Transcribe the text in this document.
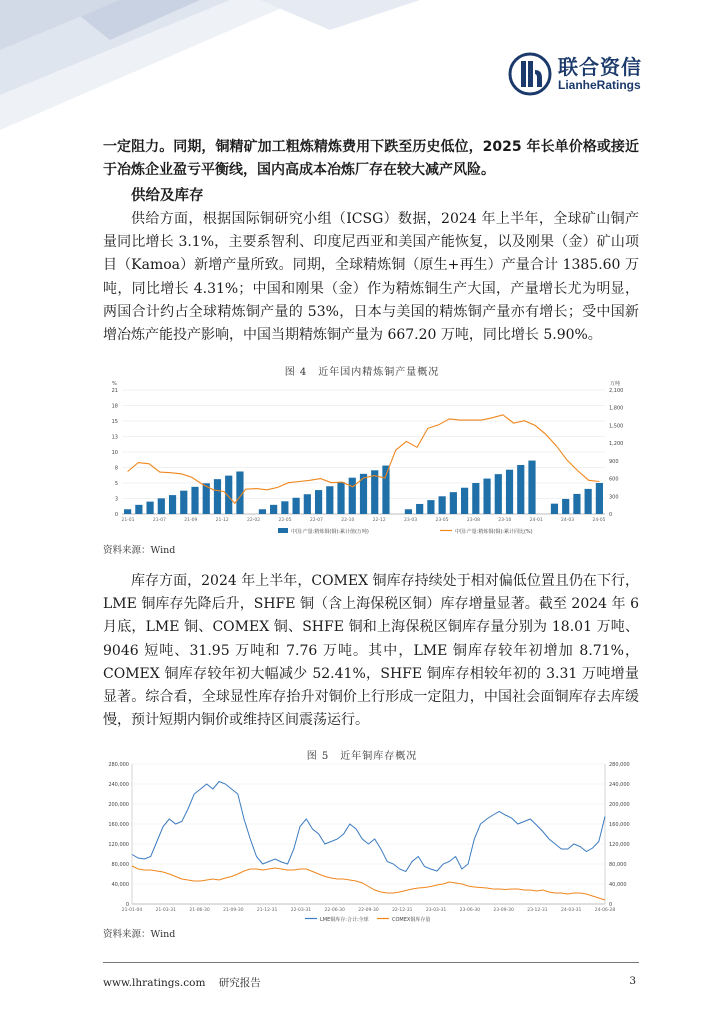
联合资信
LianheRatings

一定阻力。同期，铜精矿加工粗炼精炼费用下跌至历史低位，2025 年长单价格或接近于冶炼企业盈亏平衡线，国内高成本冶炼厂存在较大减产风险。

供给及库存

供给方面，根据国际铜研究小组（ICSG）数据，2024 年上半年，全球矿山铜产量同比增长 3.1%，主要系智利、印度尼西亚和美国产能恢复，以及刚果（金）矿山项目（Kamoa）新增产量所致。同期，全球精炼铜（原生+再生）产量合计 1385.60 万吨，同比增长 4.31%；中国和刚果（金）作为精炼铜生产大国，产量增长尤为明显，两国合计约占全球精炼铜产量的 53%，日本与美国的精炼铜产量亦有增长；受中国新增冶炼产能投产影响，中国当期精炼铜产量为 667.20 万吨，同比增长 5.90%。

图 4　近年国内精炼铜产量概况
%	万吨
0
3
5
8
10
13
15
18
21
0
300
600
900
1,200
1,500
1,800
2,100
21-01	21-07	21-09	21-12	22-02	22-05	22-07	22-10	22-12	23-03	23-05	23-08	23-10	24-01	24-03	24-05
中国:产量:精炼铜(铜):累计值(万吨)	中国:产量:精炼铜(铜):累计同比(%)
资料来源：Wind

库存方面，2024 年上半年，COMEX 铜库存持续处于相对偏低位置且仍在下行，LME 铜库存先降后升，SHFE 铜（含上海保税区铜）库存增量显著。截至 2024 年 6 月底，LME 铜、COMEX 铜、SHFE 铜和上海保税区铜库存量分别为 18.01 万吨、9046 短吨、31.95 万吨和 7.76 万吨。其中，LME 铜库存较年初增加 8.71%，COMEX 铜库存较年初大幅减少 52.41%，SHFE 铜库存相较年初的 3.31 万吨增量显著。综合看，全球显性库存抬升对铜价上行形成一定阻力，中国社会面铜库存去库缓慢，预计短期内铜价或维持区间震荡运行。

图 5　近年铜库存概况
0
40,000
80,000
120,000
160,000
200,000
240,000
280,000
0
40,000
80,000
120,000
160,000
200,000
240,000
280,000
21-01-04	21-03-31	21-06-30	21-09-30	21-12-31	22-03-31	22-06-30	22-09-30	22-12-31	23-03-31	23-06-30	23-09-30	23-12-31	24-03-31	24-06-28
LME铜库存:合计:全球	COMEX铜库存量
资料来源：Wind
www.lhratings.com 研究报告	3
